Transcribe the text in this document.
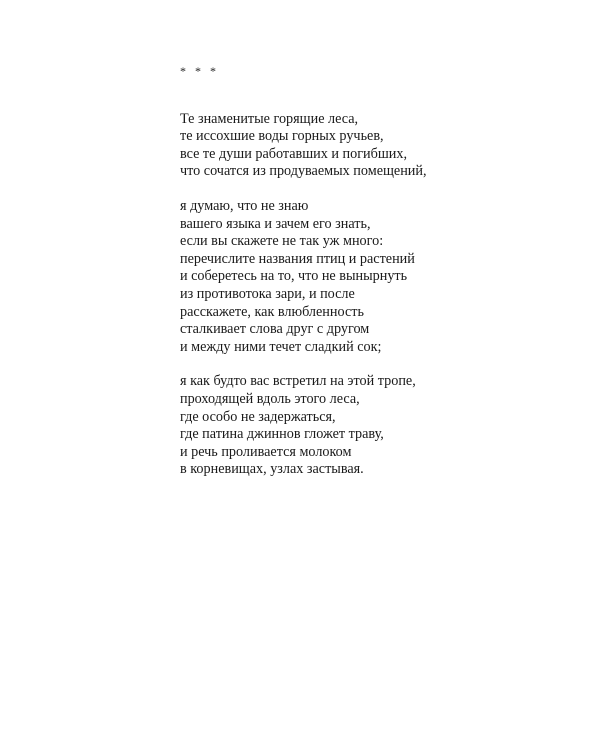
* * *
Те знаменитые горящие леса,
те иссохшие воды горных ручьев,
все те души работавших и погибших,
что сочатся из продуваемых помещений,
я думаю, что не знаю
вашего языка и зачем его знать,
если вы скажете не так уж много:
перечислите названия птиц и растений
и соберетесь на то, что не вынырнуть
из противотока зари, и после
расскажете, как влюбленность
сталкивает слова друг с другом
и между ними течет сладкий сок;
я как будто вас встретил на этой тропе,
проходящей вдоль этого леса,
где особо не задержаться,
где патина джиннов гложет траву,
и речь проливается молоком
в корневищах, узлах застывая.
